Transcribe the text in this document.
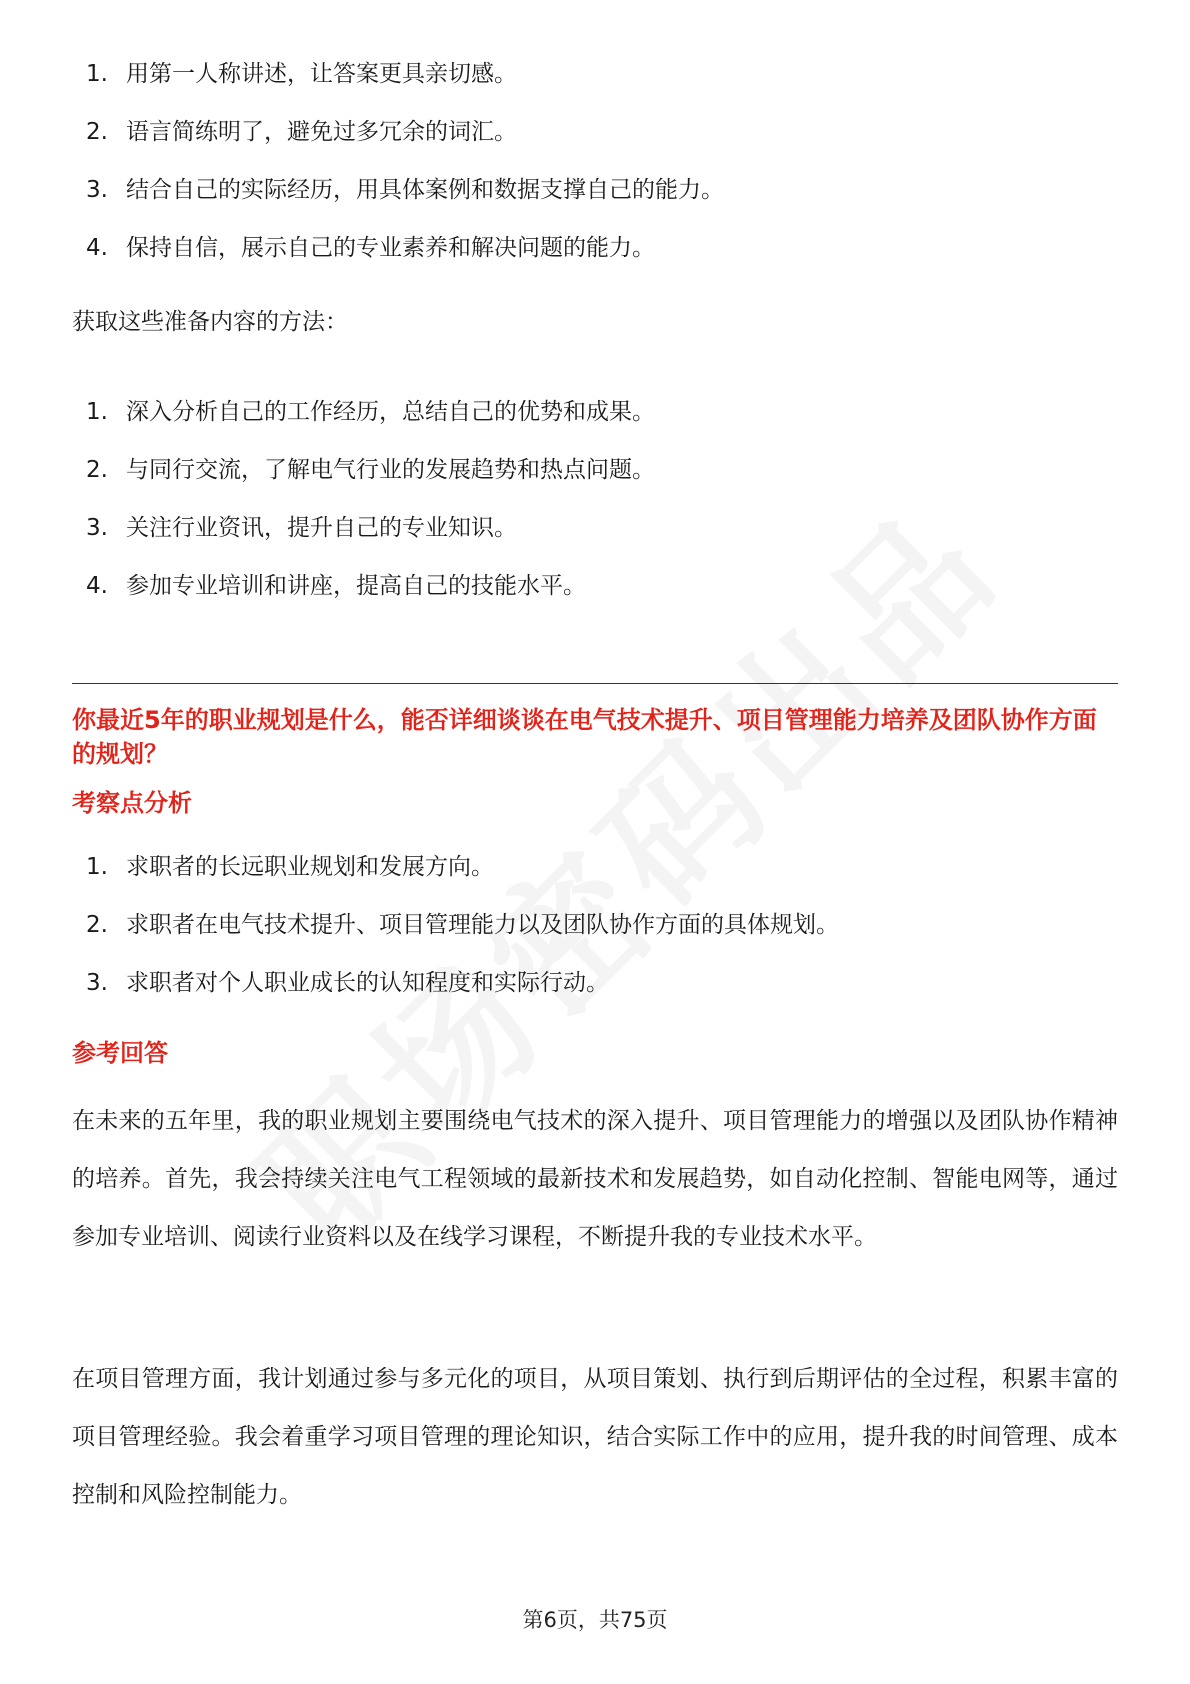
1. 用第一人称讲述，让答案更具亲切感。
2. 语言简练明了，避免过多冗余的词汇。
3. 结合自己的实际经历，用具体案例和数据支撑自己的能力。
4. 保持自信，展示自己的专业素养和解决问题的能力。

获取这些准备内容的方法：

1. 深入分析自己的工作经历，总结自己的优势和成果。
2. 与同行交流，了解电气行业的发展趋势和热点问题。
3. 关注行业资讯，提升自己的专业知识。
4. 参加专业培训和讲座，提高自己的技能水平。

你最近5年的职业规划是什么，能否详细谈谈在电气技术提升、项目管理能力培养及团队协作方面的规划？

考察点分析

1. 求职者的长远职业规划和发展方向。
2. 求职者在电气技术提升、项目管理能力以及团队协作方面的具体规划。
3. 求职者对个人职业成长的认知程度和实际行动。

参考回答

在未来的五年里，我的职业规划主要围绕电气技术的深入提升、项目管理能力的增强以及团队协作精神的培养。首先，我会持续关注电气工程领域的最新技术和发展趋势，如自动化控制、智能电网等，通过参加专业培训、阅读行业资料以及在线学习课程，不断提升我的专业技术水平。

在项目管理方面，我计划通过参与多元化的项目，从项目策划、执行到后期评估的全过程，积累丰富的项目管理经验。我会着重学习项目管理的理论知识，结合实际工作中的应用，提升我的时间管理、成本控制和风险控制能力。

第6页，共75页
